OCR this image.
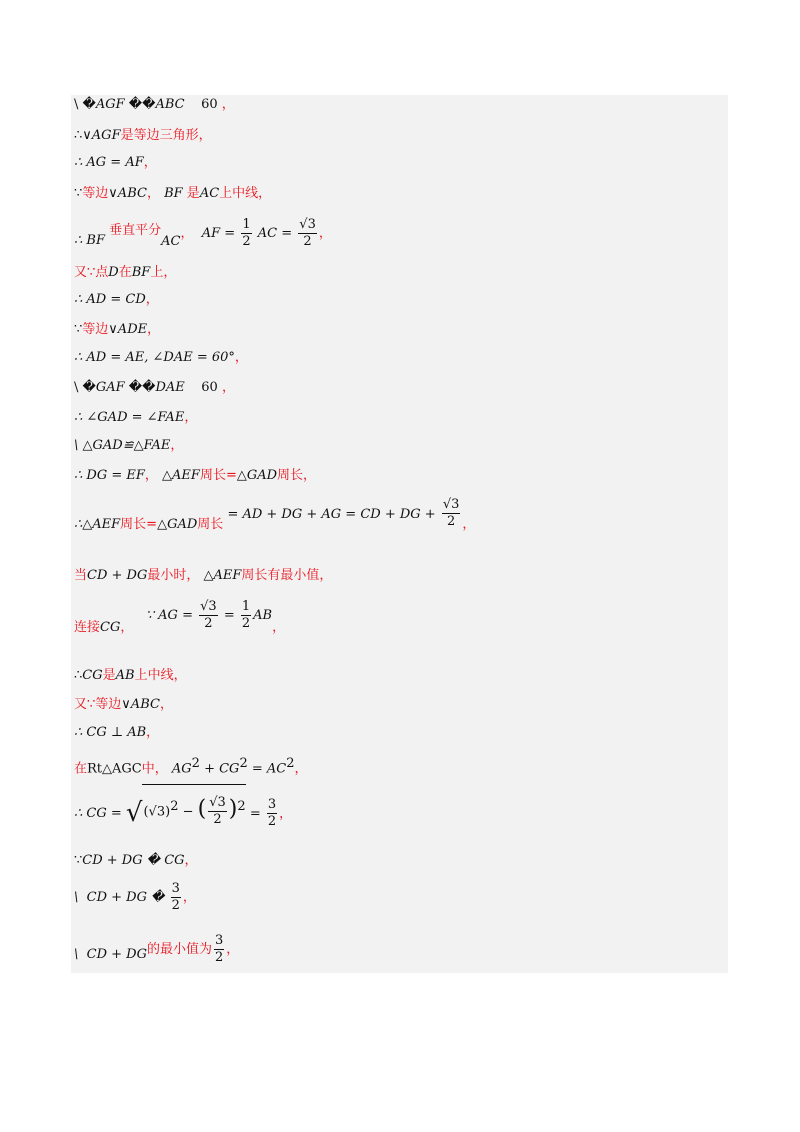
\ �AGF ��ABC    60 ，
∴∨AGF是等边三角形，
∴ AG = AF，
∵等边∨ABC， BF 是AC上中线，
∴ BF 垂直平分AC，  AF = $\frac{1}{2}$ AC = $\frac{√3}{2}$ ，
又∵点D在BF上，
∴ AD = CD，
∵等边∨ADE，
∴ AD = AE, ∠DAE = 60°，
\ �GAF ��DAE    60 ，
∴ ∠GAD = ∠FAE，
\ △GAD≌△FAE，
∴ DG = EF， △AEF周长=△GAD周长，
∴△AEF周长=△GAD周长 = AD + DG + AG = CD + DG + $\frac{√3}{2}$ ，
当CD + DG最小时， △AEF周长有最小值，
连接CG，   ∵ AG = $\frac{√3}{2} = \frac{1}{2}$ AB，
∴CG是AB上中线，
又∵等边∨ABC，
∴ CG ⊥ AB，
在Rt△AGC中， $AG^2 + CG^2 = AC^2$，
∴ CG = $√(√3)^2$ − ( $\frac{√3}{2} )^2 = \frac{3}{2}$ ，
∵CD + DG � CG，
\  CD + DG � $\frac{3}{2}$ ，
\  CD + DG的最小值为 $\frac{3}{2}$ ，
